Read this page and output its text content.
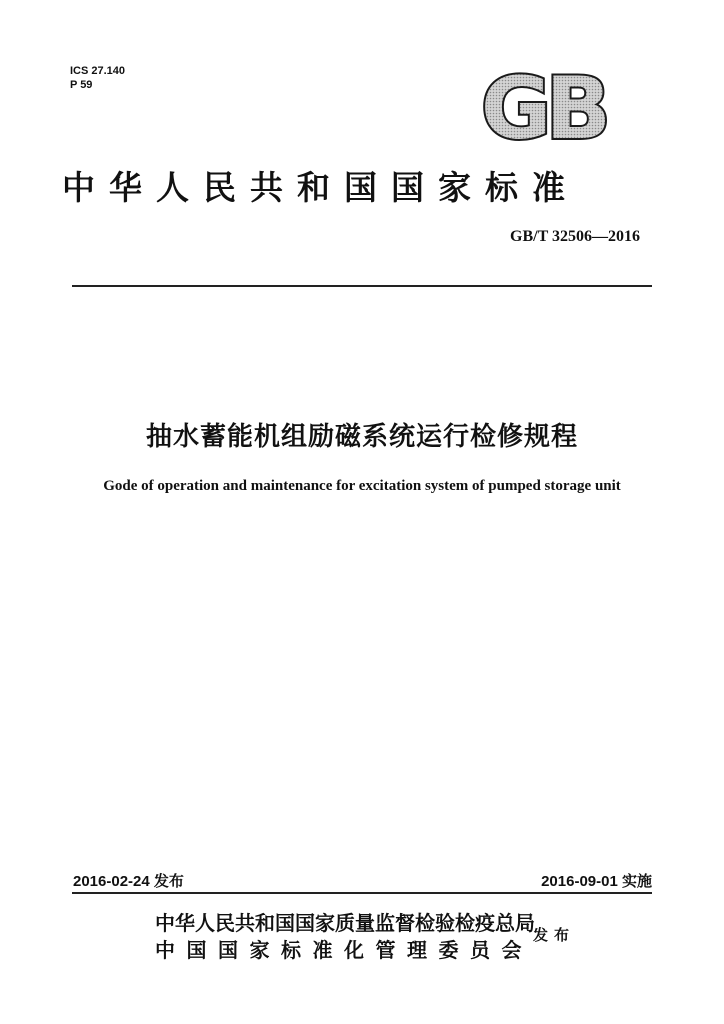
ICS 27.140
P 59	GB
中华人民共和国国家标准
GB/T 32506—2016
抽水蓄能机组励磁系统运行检修规程
Gode of operation and maintenance for excitation system of pumped storage unit
2016-02-24 发布	2016-09-01 实施
中华人民共和国国家质量监督检验检疫总局
中国国家标准化管理委员会
发布
